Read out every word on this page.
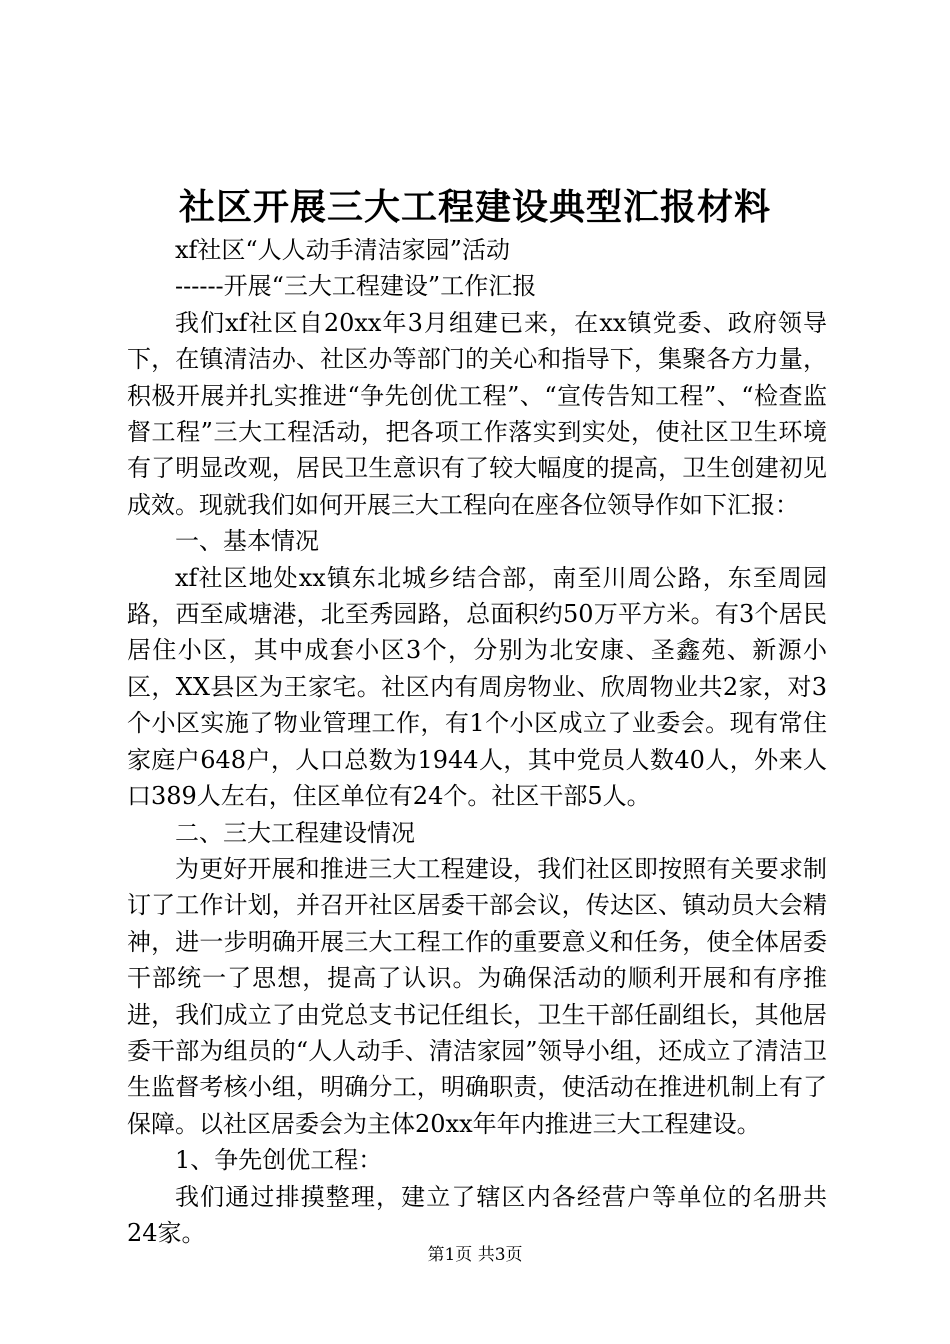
社区开展三大工程建设典型汇报材料

xf社区“人人动手清洁家园”活动

------开展“三大工程建设”工作汇报

我们xf社区自20xx年3月组建已来，在xx镇党委、政府领导下，在镇清洁办、社区办等部门的关心和指导下，集聚各方力量，积极开展并扎实推进“争先创优工程”、“宣传告知工程”、“检查监督工程”三大工程活动，把各项工作落实到实处，使社区卫生环境有了明显改观，居民卫生意识有了较大幅度的提高，卫生创建初见成效。现就我们如何开展三大工程向在座各位领导作如下汇报：

一、基本情况

xf社区地处xx镇东北城乡结合部，南至川周公路，东至周园路，西至咸塘港，北至秀园路，总面积约50万平方米。有3个居民居住小区，其中成套小区3个，分别为北安康、圣鑫苑、新源小区，XX县区为王家宅。社区内有周房物业、欣周物业共2家，对3个小区实施了物业管理工作，有1个小区成立了业委会。现有常住家庭户648户，人口总数为1944人，其中党员人数40人，外来人口389人左右，住区单位有24个。社区干部5人。

二、三大工程建设情况

为更好开展和推进三大工程建设，我们社区即按照有关要求制订了工作计划，并召开社区居委干部会议，传达区、镇动员大会精神，进一步明确开展三大工程工作的重要意义和任务，使全体居委干部统一了思想，提高了认识。为确保活动的顺利开展和有序推进，我们成立了由党总支书记任组长，卫生干部任副组长，其他居委干部为组员的“人人动手、清洁家园”领导小组，还成立了清洁卫生监督考核小组，明确分工，明确职责，使活动在推进机制上有了保障。以社区居委会为主体20xx年年内推进三大工程建设。

1、争先创优工程：

我们通过排摸整理，建立了辖区内各经营户等单位的名册共24家。

第1页 共3页
